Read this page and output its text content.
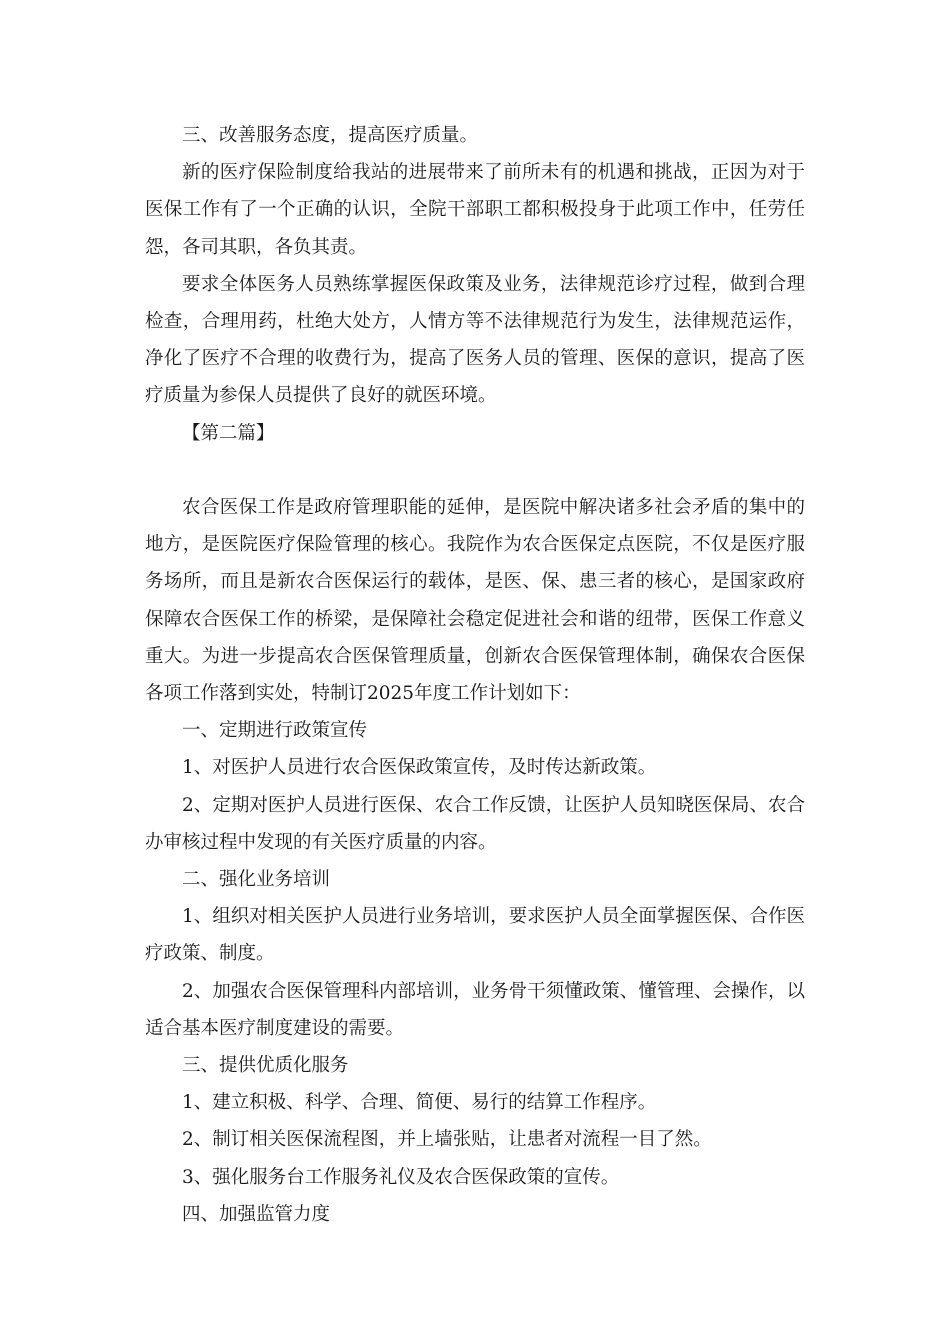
三、改善服务态度，提高医疗质量。

新的医疗保险制度给我站的进展带来了前所未有的机遇和挑战，正因为对于医保工作有了一个正确的认识，全院干部职工都积极投身于此项工作中，任劳任怨，各司其职，各负其责。

要求全体医务人员熟练掌握医保政策及业务，法律规范诊疗过程，做到合理检查，合理用药，杜绝大处方，人情方等不法律规范行为发生，法律规范运作，净化了医疗不合理的收费行为，提高了医务人员的管理、医保的意识，提高了医疗质量为参保人员提供了良好的就医环境。

【第二篇】

农合医保工作是政府管理职能的延伸，是医院中解决诸多社会矛盾的集中的地方，是医院医疗保险管理的核心。我院作为农合医保定点医院，不仅是医疗服务场所，而且是新农合医保运行的载体，是医、保、患三者的核心，是国家政府保障农合医保工作的桥梁，是保障社会稳定促进社会和谐的纽带，医保工作意义重大。为进一步提高农合医保管理质量，创新农合医保管理体制，确保农合医保各项工作落到实处，特制订2025年度工作计划如下：

一、定期进行政策宣传

1、对医护人员进行农合医保政策宣传，及时传达新政策。

2、定期对医护人员进行医保、农合工作反馈，让医护人员知晓医保局、农合办审核过程中发现的有关医疗质量的内容。

二、强化业务培训

1、组织对相关医护人员进行业务培训，要求医护人员全面掌握医保、合作医疗政策、制度。

2、加强农合医保管理科内部培训，业务骨干须懂政策、懂管理、会操作，以适合基本医疗制度建设的需要。

三、提供优质化服务

1、建立积极、科学、合理、简便、易行的结算工作程序。

2、制订相关医保流程图，并上墙张贴，让患者对流程一目了然。

3、强化服务台工作服务礼仪及农合医保政策的宣传。

四、加强监管力度
